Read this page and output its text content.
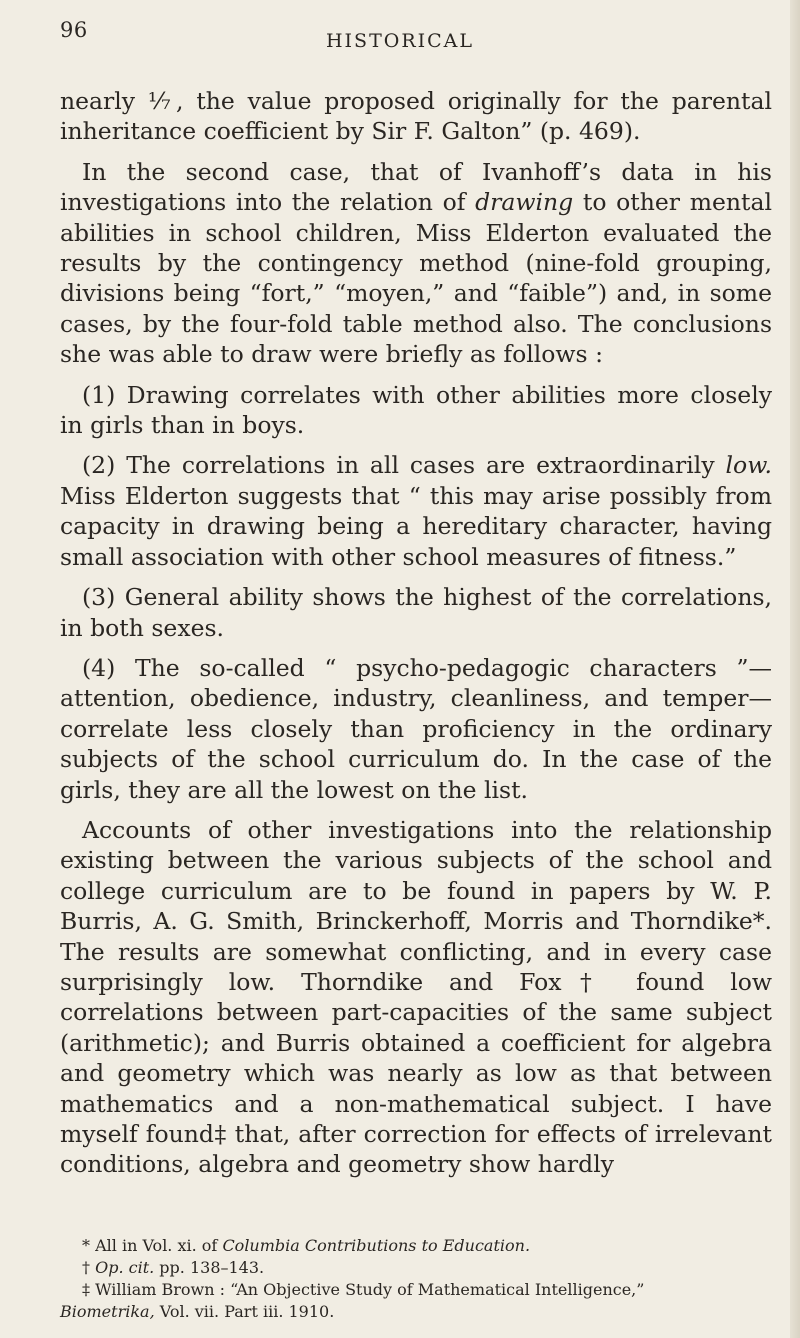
96	HISTORICAL

nearly ⅐, the value proposed originally for the parental inheritance coefficient by Sir F. Galton” (p. 469).

In the second case, that of Ivanhoff’s data in his investigations into the relation of drawing to other mental abilities in school children, Miss Elderton evaluated the results by the contingency method (nine-fold grouping, divisions being “fort,” “moyen,” and “faible”) and, in some cases, by the four-fold table method also. The conclusions she was able to draw were briefly as follows :

(1) Drawing correlates with other abilities more closely in girls than in boys.

(2) The correlations in all cases are extraordinarily low. Miss Elderton suggests that “ this may arise possibly from capacity in drawing being a hereditary character, having small association with other school measures of fitness.”

(3) General ability shows the highest of the correlations, in both sexes.

(4) The so-called “ psycho-pedagogic characters ”—attention, obedience, industry, cleanliness, and temper—correlate less closely than proficiency in the ordinary subjects of the school curriculum do. In the case of the girls, they are all the lowest on the list.

Accounts of other investigations into the relationship existing between the various subjects of the school and college curriculum are to be found in papers by W. P. Burris, A. G. Smith, Brinckerhoff, Morris and Thorndike*. The results are somewhat conflicting, and in every case surprisingly low. Thorndike and Fox† found low correlations between part-capacities of the same subject (arithmetic); and Burris obtained a coefficient for algebra and geometry which was nearly as low as that between mathematics and a non-mathematical subject. I have myself found‡ that, after correction for effects of irrelevant conditions, algebra and geometry show hardly

* All in Vol. xi. of Columbia Contributions to Education.

† Op. cit. pp. 138–143.

‡ William Brown : “An Objective Study of Mathematical Intelligence,”

Biometrika, Vol. vii. Part iii. 1910.
